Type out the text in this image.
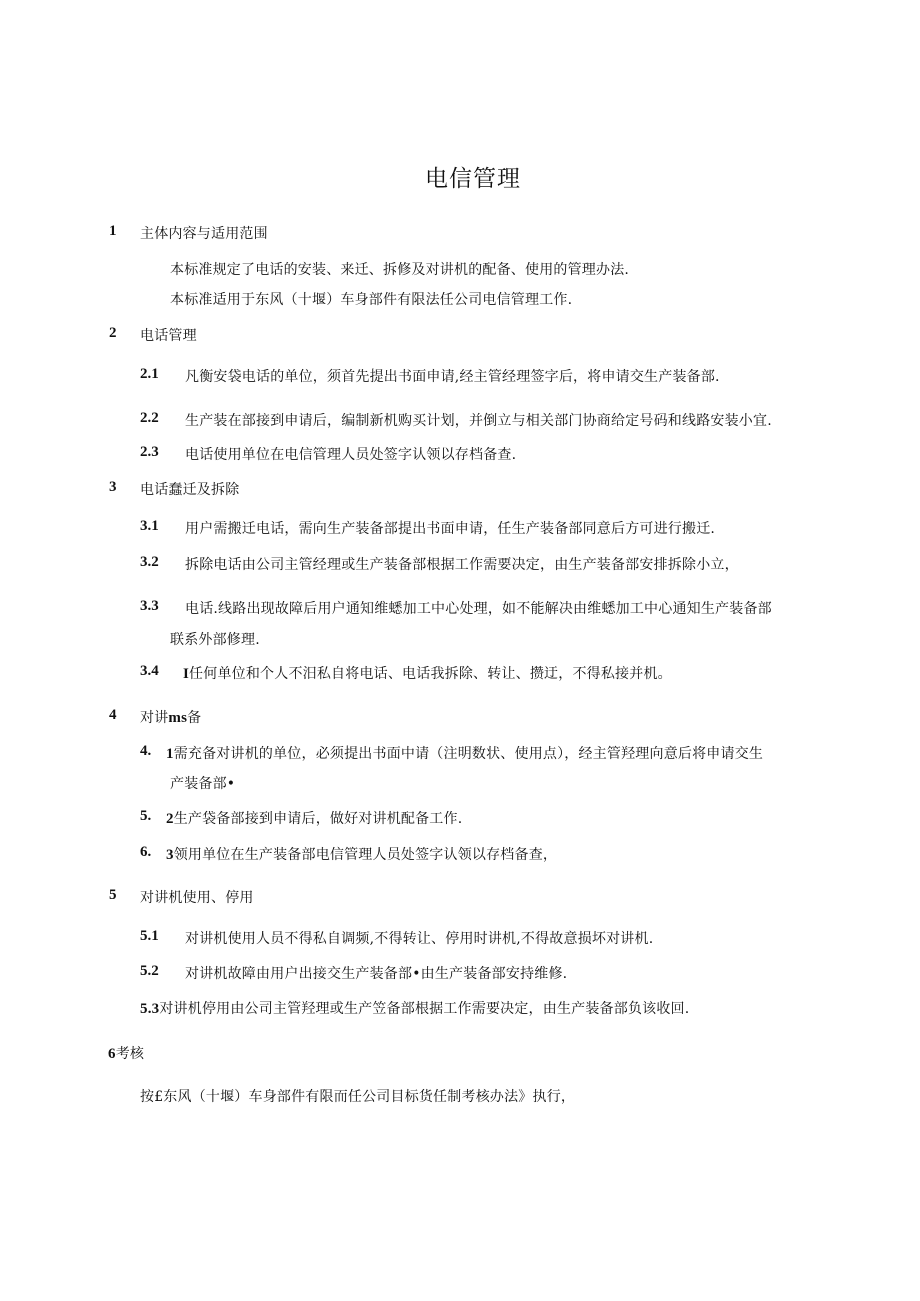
电信管理
1 主体内容与适用范围
本标准规定了电话的安装、来迁、拆修及对讲机的配备、使用的管理办法.
本标准适用于东风（十堰）车身部件有限法任公司电信管理工作.
2 电话管理
2.1 凡衡安袋电话的单位，须首先提出书面申请,经主管经理签字后，将申请交生产装备部.
2.2 生产装在部接到申请后，编制新机购买计划，并倒立与相关部门协商给定号码和线路安装小宜.
2.3 电话使用单位在电信管理人员处签字认领以存档备查.
3 电话蠢迁及拆除
3.1 用户需搬迁电话，需向生产装备部提出书面申请，任生产装备部同意后方可进行搬迁.
3.2 拆除电话由公司主管经理或生产装备部根据工作需要决定，由生产装备部安排拆除小立，
3.3 电话.线路出现故障后用户通知维蟋加工中心处理，如不能解决由维蟋加工中心通知生产装备部
联系外部修理.
3.4 I任何单位和个人不汨私自将电话、电话我拆除、转让、攒迂，不得私接并机。
4 对讲ms备
4. 1需充备对讲机的单位，必须提出书面中请（注明数状、使用点），经主管羟理向意后将申请交生
产装备部•
5. 2生产袋备部接到申请后，做好对讲机配备工作.
6. 3领用单位在生产装备部电信管理人员处签字认领以存档备查，
5 对讲机使用、停用
5.1 对讲机使用人员不得私自调频,不得转让、停用时讲机,不得故意损坏对讲机.
5.2 对讲机故障由用户出接交生产装备部•由生产装备部安持维修.
5.3对讲机停用由公司主管羟理或生产笠备部根据工作需要决定，由生产装备部负该收回.
6考核
按£东风（十堰）车身部件有限而任公司目标货任制考核办法》执行，
